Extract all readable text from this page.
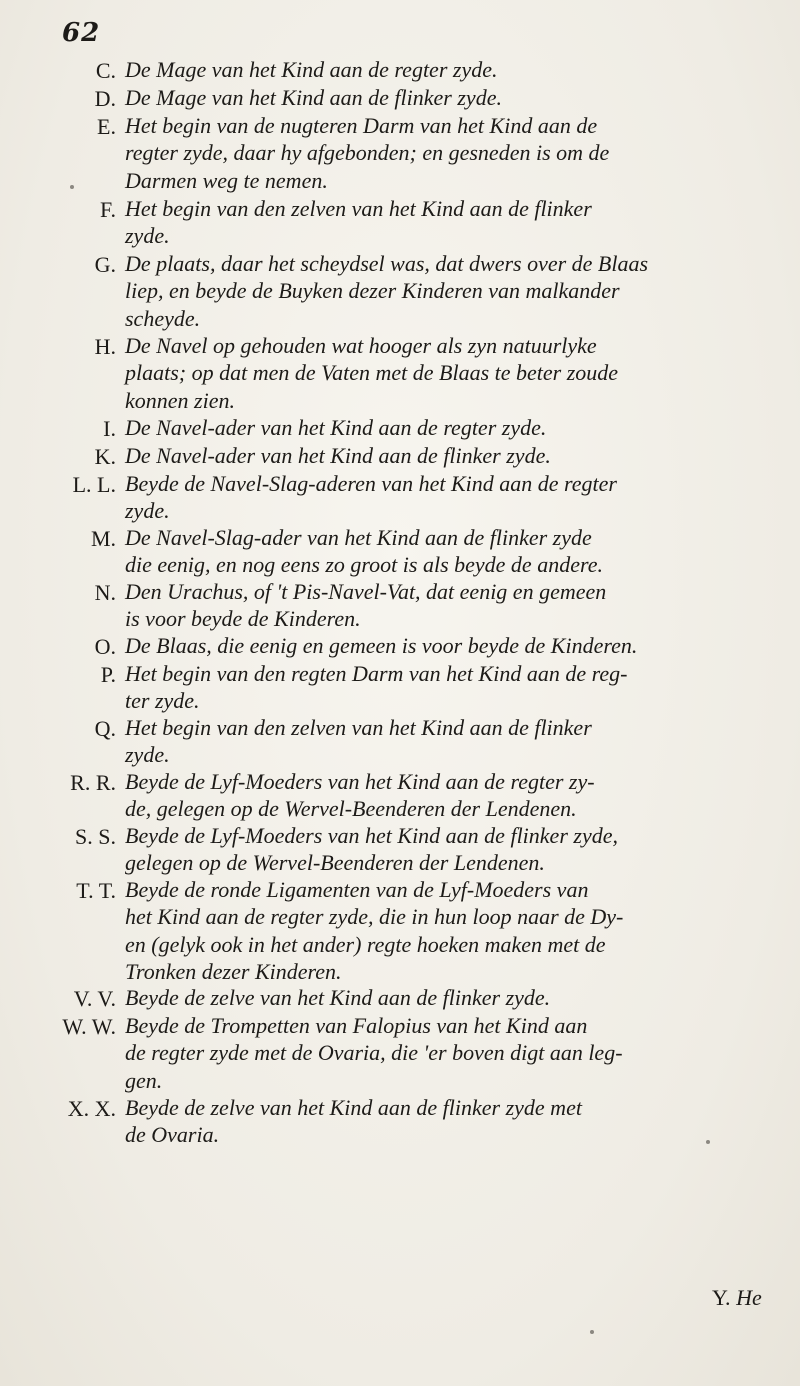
62
C. De Mage van het Kind aan de regter zyde.
D. De Mage van het Kind aan de flinker zyde.
E. Het begin van de nugteren Darm van het Kind aan de
regter zyde, daar hy afgebonden; en gesneden is om de
Darmen weg te nemen.
F. Het begin van den zelven van het Kind aan de flinker
zyde.
G. De plaats, daar het scheydsel was, dat dwers over de Blaas
liep, en beyde de Buyken dezer Kinderen van malkander
scheyde.
H. De Navel op gehouden wat hooger als zyn natuurlyke
plaats; op dat men de Vaten met de Blaas te beter zoude
konnen zien.
I. De Navel-ader van het Kind aan de regter zyde.
K. De Navel-ader van het Kind aan de flinker zyde.
L. L. Beyde de Navel-Slag-aderen van het Kind aan de regter
zyde.
M. De Navel-Slag-ader van het Kind aan de flinker zyde
die eenig, en nog eens zo groot is als beyde de andere.
N. Den Urachus, of 't Pis-Navel-Vat, dat eenig en gemeen
is voor beyde de Kinderen.
O. De Blaas, die eenig en gemeen is voor beyde de Kinderen.
P. Het begin van den regten Darm van het Kind aan de reg-
ter zyde.
Q. Het begin van den zelven van het Kind aan de flinker
zyde.
R. R. Beyde de Lyf-Moeders van het Kind aan de regter zy-
de, gelegen op de Wervel-Beenderen der Lendenen.
S. S. Beyde de Lyf-Moeders van het Kind aan de flinker zyde,
gelegen op de Wervel-Beenderen der Lendenen.
T. T. Beyde de ronde Ligamenten van de Lyf-Moeders van
het Kind aan de regter zyde, die in hun loop naar de Dy-
en (gelyk ook in het ander) regte hoeken maken met de
Tronken dezer Kinderen.
V. V. Beyde de zelve van het Kind aan de flinker zyde.
W. W. Beyde de Trompetten van Falopius van het Kind aan
de regter zyde met de Ovaria, die 'er boven digt aan leg-
gen.
X. X. Beyde de zelve van het Kind aan de flinker zyde met
de Ovaria.
Y. He
